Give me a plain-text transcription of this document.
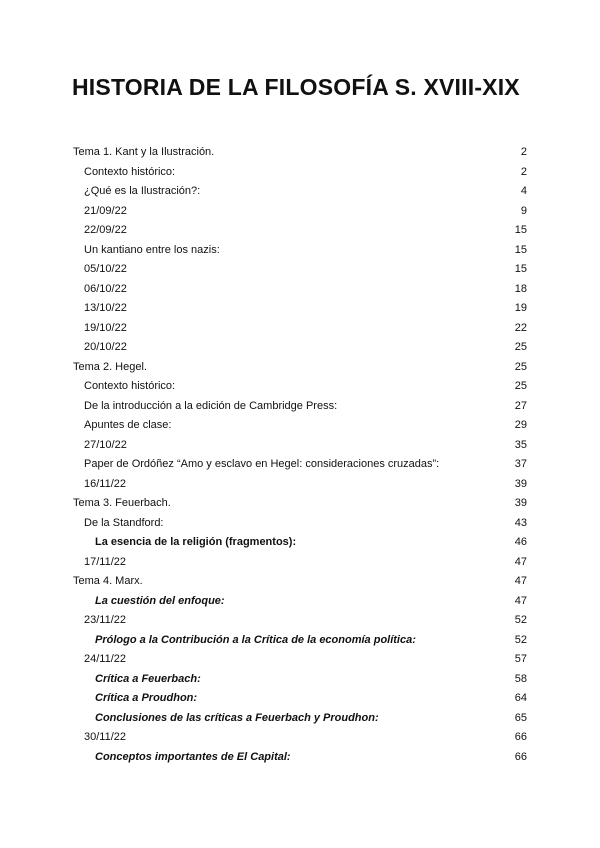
HISTORIA DE LA FILOSOFÍA S. XVIII-XIX
Tema 1. Kant y la Ilustración.	2
Contexto histórico:	2
¿Qué es la Ilustración?:	4
21/09/22	9
22/09/22	15
Un kantiano entre los nazis:	15
05/10/22	15
06/10/22	18
13/10/22	19
19/10/22	22
20/10/22	25
Tema 2. Hegel.	25
Contexto histórico:	25
De la introducción a la edición de Cambridge Press:	27
Apuntes de clase:	29
27/10/22	35
Paper de Ordóñez “Amo y esclavo en Hegel: consideraciones cruzadas”:	37
16/11/22	39
Tema 3. Feuerbach.	39
De la Standford:	43
La esencia de la religión (fragmentos):	46
17/11/22	47
Tema 4. Marx.	47
La cuestión del enfoque:	47
23/11/22	52
Prólogo a la Contribución a la Crítica de la economía política:	52
24/11/22	57
Crítica a Feuerbach:	58
Crítica a Proudhon:	64
Conclusiones de las críticas a Feuerbach y Proudhon:	65
30/11/22	66
Conceptos importantes de El Capital:	66
